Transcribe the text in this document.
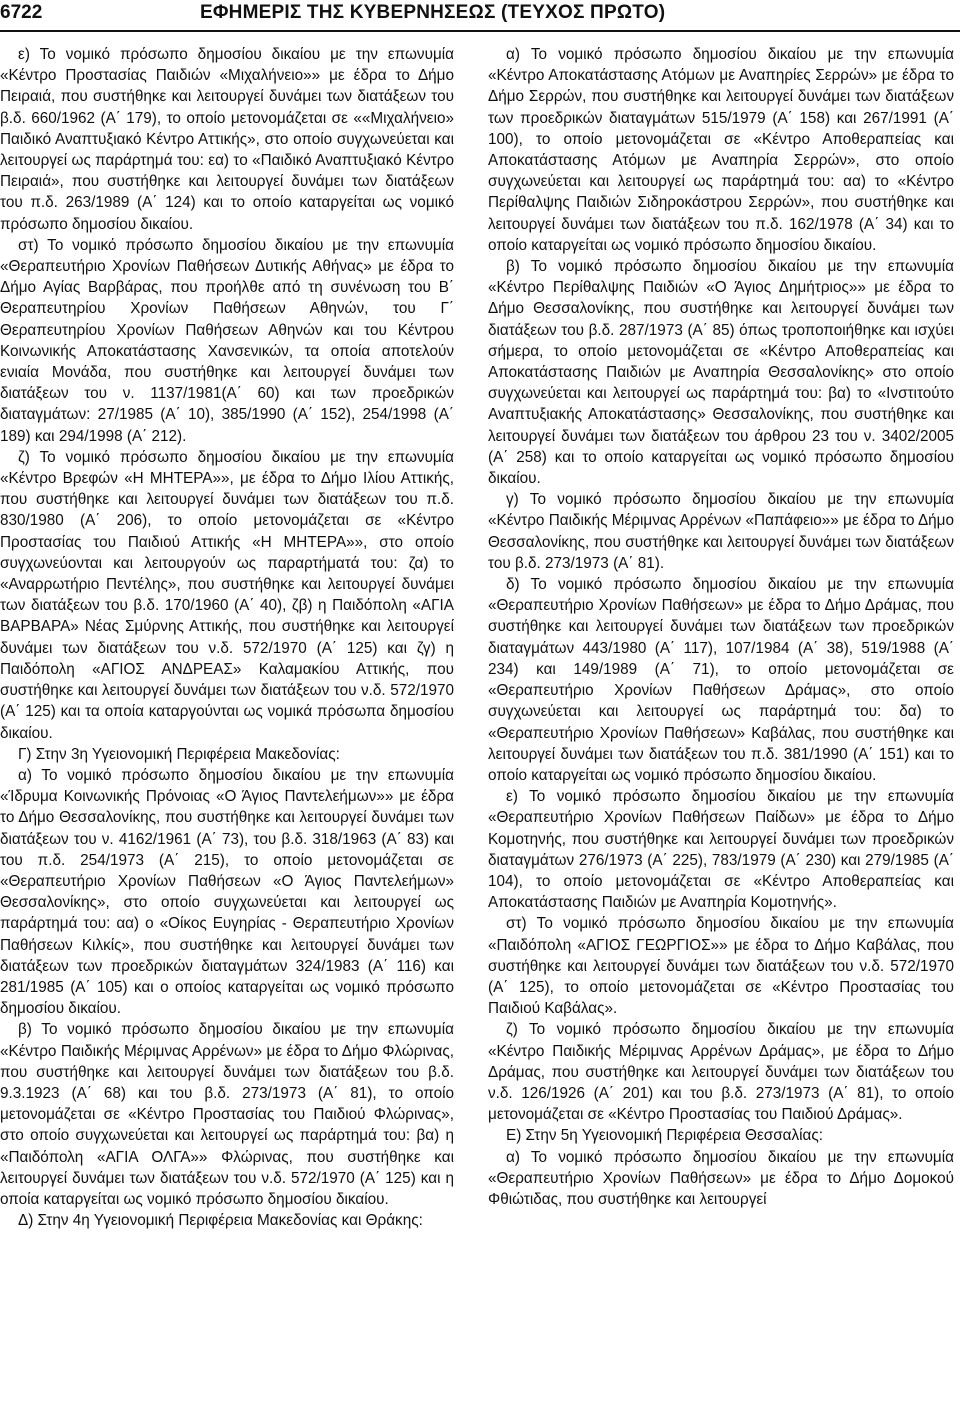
6722	ΕΦΗΜΕΡΙΣ ΤΗΣ ΚΥΒΕΡΝΗΣΕΩΣ (ΤΕΥΧΟΣ ΠΡΩΤΟ)

ε) Το νομικό πρόσωπο δημοσίου δικαίου με την επωνυμία «Κέντρο Προστασίας Παιδιών «Μιχαλήνειο»» με έδρα το Δήμο Πειραιά, που συστήθηκε και λειτουργεί δυνάμει των διατάξεων του β.δ. 660/1962 (Α΄ 179), το οποίο μετονομάζεται σε ««Μιχαλήνειο» Παιδικό Αναπτυξιακό Κέντρο Αττικής», στο οποίο συγχωνεύεται και λειτουργεί ως παράρτημά του: εα) το «Παιδικό Αναπτυξιακό Κέντρο Πειραιά», που συστήθηκε και λειτουργεί δυνάμει των διατάξεων του π.δ. 263/1989 (Α΄ 124) και το οποίο καταργείται ως νομικό πρόσωπο δημοσίου δικαίου.

στ) Το νομικό πρόσωπο δημοσίου δικαίου με την επωνυμία «Θεραπευτήριο Χρονίων Παθήσεων Δυτικής Αθήνας» με έδρα το Δήμο Αγίας Βαρβάρας, που προήλθε από τη συνένωση του Β΄ Θεραπευτηρίου Χρονίων Παθήσεων Αθηνών, του Γ΄ Θεραπευτηρίου Χρονίων Παθήσεων Αθηνών και του Κέντρου Κοινωνικής Αποκατάστασης Χανσενικών, τα οποία αποτελούν ενιαία Μονάδα, που συστήθηκε και λειτουργεί δυνάμει των διατάξεων του ν. 1137/1981(Α΄ 60) και των προεδρικών διαταγμάτων: 27/1985 (Α΄ 10), 385/1990 (Α΄ 152), 254/1998 (Α΄ 189) και 294/1998 (Α΄ 212).

ζ) Το νομικό πρόσωπο δημοσίου δικαίου με την επωνυμία «Κέντρο Βρεφών «Η ΜΗΤΕΡΑ»», με έδρα το Δήμο Ιλίου Αττικής, που συστήθηκε και λειτουργεί δυνάμει των διατάξεων του π.δ. 830/1980 (Α΄ 206), το οποίο μετονομάζεται σε «Κέντρο Προστασίας του Παιδιού Αττικής «Η ΜΗΤΕΡΑ»», στο οποίο συγχωνεύονται και λειτουργούν ως παραρτήματά του: ζα) το «Αναρρωτήριο Πεντέλης», που συστήθηκε και λειτουργεί δυνάμει των διατάξεων του β.δ. 170/1960 (Α΄ 40), ζβ) η Παιδόπολη «ΑΓΙΑ ΒΑΡΒΑΡΑ» Νέας Σμύρνης Αττικής, που συστήθηκε και λειτουργεί δυνάμει των διατάξεων του ν.δ. 572/1970 (Α΄ 125) και ζγ) η Παιδόπολη «ΑΓΙΟΣ ΑΝΔΡΕΑΣ» Καλαμακίου Αττικής, που συστήθηκε και λειτουργεί δυνάμει των διατάξεων του ν.δ. 572/1970 (Α΄ 125) και τα οποία καταργούνται ως νομικά πρόσωπα δημοσίου δικαίου.

Γ) Στην 3η Υγειονομική Περιφέρεια Μακεδονίας:

α) Το νομικό πρόσωπο δημοσίου δικαίου με την επωνυμία «Ίδρυμα Κοινωνικής Πρόνοιας «Ο Άγιος Παντελεήμων»» με έδρα το Δήμο Θεσσαλονίκης, που συστήθηκε και λειτουργεί δυνάμει των διατάξεων του ν. 4162/1961 (Α΄ 73), του β.δ. 318/1963 (Α΄ 83) και του π.δ. 254/1973 (Α΄ 215), το οποίο μετονομάζεται σε «Θεραπευτήριο Χρονίων Παθήσεων «Ο Άγιος Παντελεήμων» Θεσσαλονίκης», στο οποίο συγχωνεύεται και λειτουργεί ως παράρτημά του: αα) ο «Οίκος Ευγηρίας - Θεραπευτήριο Χρονίων Παθήσεων Κιλκίς», που συστήθηκε και λειτουργεί δυνάμει των διατάξεων των προεδρικών διαταγμάτων 324/1983 (Α΄ 116) και 281/1985 (Α΄ 105) και ο οποίος καταργείται ως νομικό πρόσωπο δημοσίου δικαίου.

β) Το νομικό πρόσωπο δημοσίου δικαίου με την επωνυμία «Κέντρο Παιδικής Μέριμνας Αρρένων» με έδρα το Δήμο Φλώρινας, που συστήθηκε και λειτουργεί δυνάμει των διατάξεων του β.δ. 9.3.1923 (Α΄ 68) και του β.δ. 273/1973 (Α΄ 81), το οποίο μετονομάζεται σε «Κέντρο Προστασίας του Παιδιού Φλώρινας», στο οποίο συγχωνεύεται και λειτουργεί ως παράρτημά του: βα) η «Παιδόπολη «ΑΓΙΑ ΟΛΓΑ»» Φλώρινας, που συστήθηκε και λειτουργεί δυνάμει των διατάξεων του ν.δ. 572/1970 (Α΄ 125) και η οποία καταργείται ως νομικό πρόσωπο δημοσίου δικαίου.

Δ) Στην 4η Υγειονομική Περιφέρεια Μακεδονίας και Θράκης:

α) Το νομικό πρόσωπο δημοσίου δικαίου με την επωνυμία «Κέντρο Αποκατάστασης Ατόμων με Αναπηρίες Σερρών» με έδρα το Δήμο Σερρών, που συστήθηκε και λειτουργεί δυνάμει των διατάξεων των προεδρικών διαταγμάτων 515/1979 (Α΄ 158) και 267/1991 (Α΄ 100), το οποίο μετονομάζεται σε «Κέντρο Αποθεραπείας και Αποκατάστασης Ατόμων με Αναπηρία Σερρών», στο οποίο συγχωνεύεται και λειτουργεί ως παράρτημά του: αα) το «Κέντρο Περίθαλψης Παιδιών Σιδηροκάστρου Σερρών», που συστήθηκε και λειτουργεί δυνάμει των διατάξεων του π.δ. 162/1978 (Α΄ 34) και το οποίο καταργείται ως νομικό πρόσωπο δημοσίου δικαίου.

β) Το νομικό πρόσωπο δημοσίου δικαίου με την επωνυμία «Κέντρο Περίθαλψης Παιδιών «Ο Άγιος Δημήτριος»» με έδρα το Δήμο Θεσσαλονίκης, που συστήθηκε και λειτουργεί δυνάμει των διατάξεων του β.δ. 287/1973 (Α΄ 85) όπως τροποποιήθηκε και ισχύει σήμερα, το οποίο μετονομάζεται σε «Κέντρο Αποθεραπείας και Αποκατάστασης Παιδιών με Αναπηρία Θεσσαλονίκης» στο οποίο συγχωνεύεται και λειτουργεί ως παράρτημά του: βα) το «Ινστιτούτο Αναπτυξιακής Αποκατάστασης» Θεσσαλονίκης, που συστήθηκε και λειτουργεί δυνάμει των διατάξεων του άρθρου 23 του ν. 3402/2005 (Α΄ 258) και το οποίο καταργείται ως νομικό πρόσωπο δημοσίου δικαίου.

γ) Το νομικό πρόσωπο δημοσίου δικαίου με την επωνυμία «Κέντρο Παιδικής Μέριμνας Αρρένων «Παπάφειο»» με έδρα το Δήμο Θεσσαλονίκης, που συστήθηκε και λειτουργεί δυνάμει των διατάξεων του β.δ. 273/1973 (Α΄ 81).

δ) Το νομικό πρόσωπο δημοσίου δικαίου με την επωνυμία «Θεραπευτήριο Χρονίων Παθήσεων» με έδρα το Δήμο Δράμας, που συστήθηκε και λειτουργεί δυνάμει των διατάξεων των προεδρικών διαταγμάτων 443/1980 (Α΄ 117), 107/1984 (Α΄ 38), 519/1988 (Α΄ 234) και 149/1989 (Α΄ 71), το οποίο μετονομάζεται σε «Θεραπευτήριο Χρονίων Παθήσεων Δράμας», στο οποίο συγχωνεύεται και λειτουργεί ως παράρτημά του: δα) το «Θεραπευτήριο Χρονίων Παθήσεων» Καβάλας, που συστήθηκε και λειτουργεί δυνάμει των διατάξεων του π.δ. 381/1990 (Α΄ 151) και το οποίο καταργείται ως νομικό πρόσωπο δημοσίου δικαίου.

ε) Το νομικό πρόσωπο δημοσίου δικαίου με την επωνυμία «Θεραπευτήριο Χρονίων Παθήσεων Παίδων» με έδρα το Δήμο Κομοτηνής, που συστήθηκε και λειτουργεί δυνάμει των προεδρικών διαταγμάτων 276/1973 (Α΄ 225), 783/1979 (Α΄ 230) και 279/1985 (Α΄ 104), το οποίο μετονομάζεται σε «Κέντρο Αποθεραπείας και Αποκατάστασης Παιδιών με Αναπηρία Κομοτηνής».

στ) Το νομικό πρόσωπο δημοσίου δικαίου με την επωνυμία «Παιδόπολη «ΑΓΙΟΣ ΓΕΩΡΓΙΟΣ»» με έδρα το Δήμο Καβάλας, που συστήθηκε και λειτουργεί δυνάμει των διατάξεων του ν.δ. 572/1970 (Α΄ 125), το οποίο μετονομάζεται σε «Κέντρο Προστασίας του Παιδιού Καβάλας».

ζ) Το νομικό πρόσωπο δημοσίου δικαίου με την επωνυμία «Κέντρο Παιδικής Μέριμνας Αρρένων Δράμας», με έδρα το Δήμο Δράμας, που συστήθηκε και λειτουργεί δυνάμει των διατάξεων του ν.δ. 126/1926 (Α΄ 201) και του β.δ. 273/1973 (Α΄ 81), το οποίο μετονομάζεται σε «Κέντρο Προστασίας του Παιδιού Δράμας».

Ε) Στην 5η Υγειονομική Περιφέρεια Θεσσαλίας:

α) Το νομικό πρόσωπο δημοσίου δικαίου με την επωνυμία «Θεραπευτήριο Χρονίων Παθήσεων» με έδρα το Δήμο Δομοκού Φθιώτιδας, που συστήθηκε και λειτουργεί
